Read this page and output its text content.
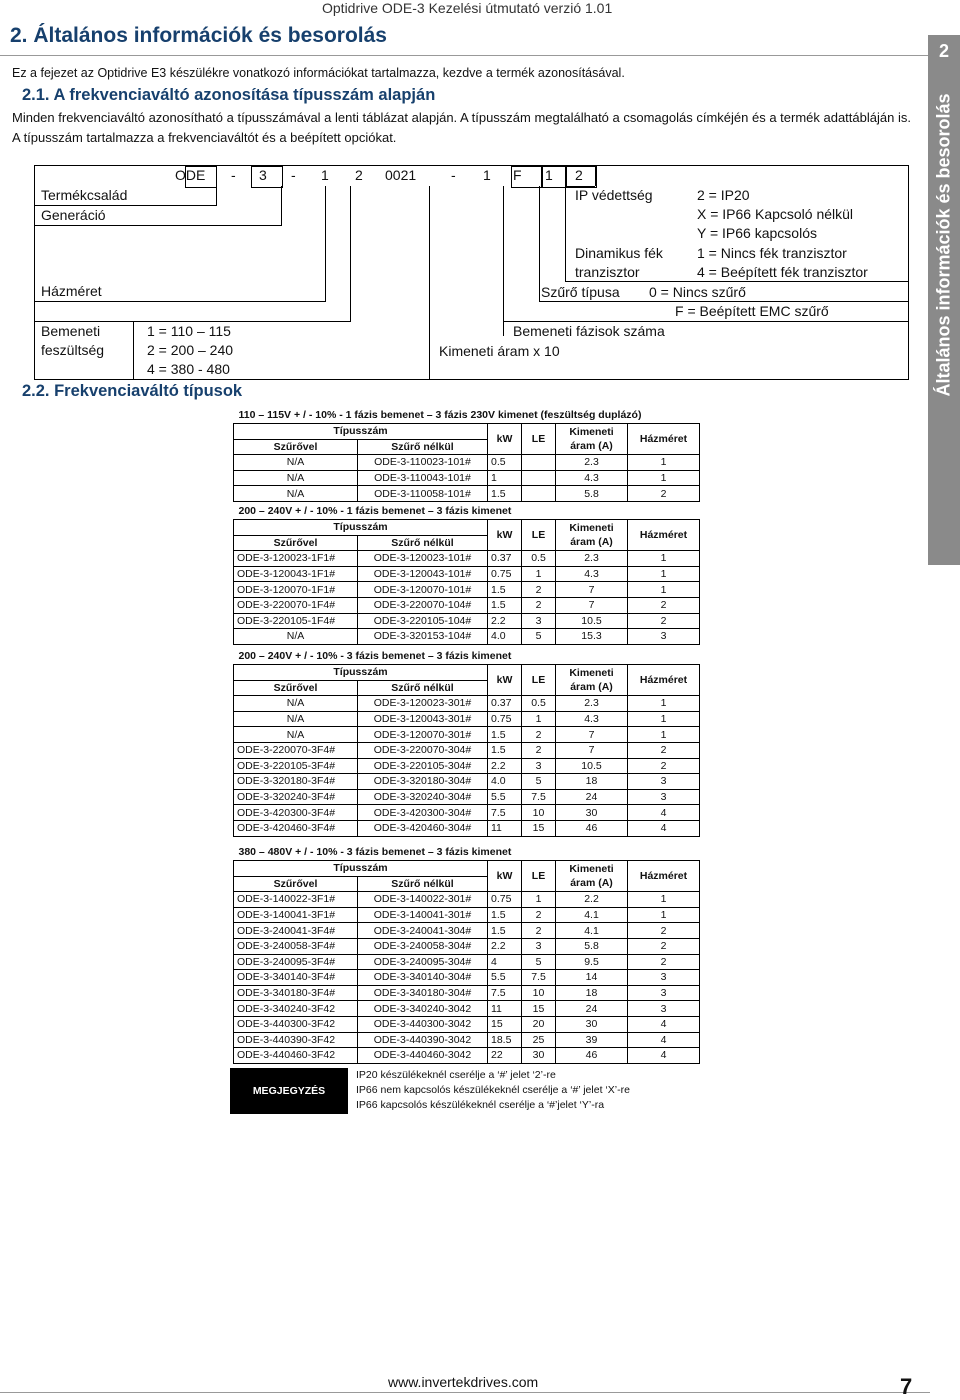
Optidrive ODE-3 Kezelési útmutató verzió 1.01
2. Általános információk és besorolás
Ez a fejezet az Optidrive E3 készülékre vonatkozó információkat tartalmazza, kezdve a termék azonosításával.
2.1. A frekvenciaváltó azonosítása típusszám alapján
Minden frekvenciaváltó azonosítható a típusszámával a lenti táblázat alapján. A típusszám megtalálható a csomagolás címkéjén és a termék adattábláján is. A típusszám tartalmazza a frekvenciaváltót és a beépített opciókat.
ODE - 3 - 1 2 0021 - 1 F 1 2
Termékcsalád
Generáció
Házméret
Bemeneti
feszültség
1 = 110 – 115
2 = 200 – 240
4 = 380 - 480
IP védettség	2 = IP20
X = IP66 Kapcsoló nélkül
Y = IP66 kapcsolós
Dinamikus fék
tranzisztor
1 = Nincs fék tranzisztor
4 = Beépített fék tranzisztor
Szűrő típusa 0 = Nincs szűrő
F = Beépített EMC szűrő
Bemeneti fázisok száma
Kimeneti áram x 10
2.2. Frekvenciaváltó típusok
110 – 115V + / - 10% - 1 fázis bemenet – 3 fázis 230V kimenet (feszültség duplázó)					
Típusszám		kW	LE	Kimeneti
áram (A)	Házméret
Szűrővel	Szűrő nélkül				
N/A	ODE-3-110023-101#	0.5		2.3	1
N/A	ODE-3-110043-101#	1		4.3	1
N/A	ODE-3-110058-101#	1.5		5.8	2
200 – 240V + / - 10% - 1 fázis bemenet – 3 fázis kimenet					
Típusszám		kW	LE	Kimeneti
áram (A)	Házméret
Szűrővel	Szűrő nélkül				
ODE-3-120023-1F1#	ODE-3-120023-101#	0.37	0.5	2.3	1
ODE-3-120043-1F1#	ODE-3-120043-101#	0.75	1	4.3	1
ODE-3-120070-1F1#	ODE-3-120070-101#	1.5	2	7	1
ODE-3-220070-1F4#	ODE-3-220070-104#	1.5	2	7	2
ODE-3-220105-1F4#	ODE-3-220105-104#	2.2	3	10.5	2
N/A	ODE-3-320153-104#	4.0	5	15.3	3
200 – 240V + / - 10% - 3 fázis bemenet – 3 fázis kimenet					
Típusszám		kW	LE	Kimeneti
áram (A)	Házméret
Szűrővel	Szűrő nélkül				
N/A	ODE-3-120023-301#	0.37	0.5	2.3	1
N/A	ODE-3-120043-301#	0.75	1	4.3	1
N/A	ODE-3-120070-301#	1.5	2	7	1
ODE-3-220070-3F4#	ODE-3-220070-304#	1.5	2	7	2
ODE-3-220105-3F4#	ODE-3-220105-304#	2.2	3	10.5	2
ODE-3-320180-3F4#	ODE-3-320180-304#	4.0	5	18	3
ODE-3-320240-3F4#	ODE-3-320240-304#	5.5	7.5	24	3
ODE-3-420300-3F4#	ODE-3-420300-304#	7.5	10	30	4
ODE-3-420460-3F4#	ODE-3-420460-304#	11	15	46	4
380 – 480V + / - 10% - 3 fázis bemenet – 3 fázis kimenet					
Típusszám		kW	LE	Kimeneti
áram (A)	Házméret
Szűrővel	Szűrő nélkül				
ODE-3-140022-3F1#	ODE-3-140022-301#	0.75	1	2.2	1
ODE-3-140041-3F1#	ODE-3-140041-301#	1.5	2	4.1	1
ODE-3-240041-3F4#	ODE-3-240041-304#	1.5	2	4.1	2
ODE-3-240058-3F4#	ODE-3-240058-304#	2.2	3	5.8	2
ODE-3-240095-3F4#	ODE-3-240095-304#	4	5	9.5	2
ODE-3-340140-3F4#	ODE-3-340140-304#	5.5	7.5	14	3
ODE-3-340180-3F4#	ODE-3-340180-304#	7.5	10	18	3
ODE-3-340240-3F42	ODE-3-340240-3042	11	15	24	3
ODE-3-440300-3F42	ODE-3-440300-3042	15	20	30	4
ODE-3-440390-3F42	ODE-3-440390-3042	18.5	25	39	4
ODE-3-440460-3F42	ODE-3-440460-3042	22	30	46	4
MEGJEGYZÉS
IP20 készülékeknél cserélje a ‘#’ jelet ‘2’-re
IP66 nem kapcsolós készülékeknél cserélje a ‘#’ jelet ‘X’-re
IP66 kapcsolós készülékeknél cserélje a ‘#’jelet ‘Y’-ra
2
Általános információk és besorolás
www.invertekdrives.com	7
